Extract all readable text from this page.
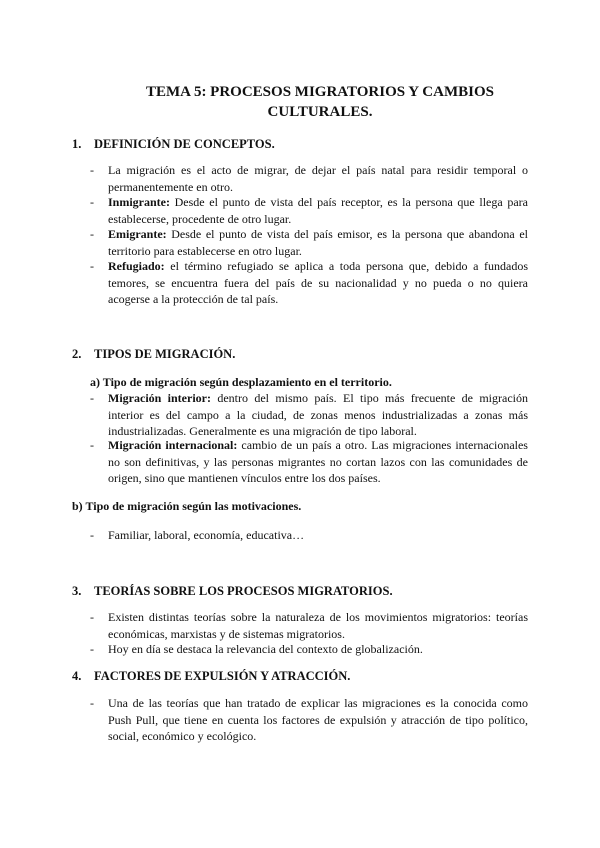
TEMA 5: PROCESOS MIGRATORIOS Y CAMBIOS
CULTURALES.
1. DEFINICIÓN DE CONCEPTOS.
- La migración es el acto de migrar, de dejar el país natal para residir temporal o permanentemente en otro.
- Inmigrante: Desde el punto de vista del país receptor, es la persona que llega para establecerse, procedente de otro lugar.
- Emigrante: Desde el punto de vista del país emisor, es la persona que abandona el territorio para establecerse en otro lugar.
- Refugiado: el término refugiado se aplica a toda persona que, debido a fundados temores, se encuentra fuera del país de su nacionalidad y no pueda o no quiera acogerse a la protección de tal país.
2. TIPOS DE MIGRACIÓN.
a) Tipo de migración según desplazamiento en el territorio.
- Migración interior: dentro del mismo país. El tipo más frecuente de migración interior es del campo a la ciudad, de zonas menos industrializadas a zonas más industrializadas. Generalmente es una migración de tipo laboral.
- Migración internacional: cambio de un país a otro. Las migraciones internacionales no son definitivas, y las personas migrantes no cortan lazos con las comunidades de origen, sino que mantienen vínculos entre los dos países.
b) Tipo de migración según las motivaciones.
- Familiar, laboral, economía, educativa…
3. TEORÍAS SOBRE LOS PROCESOS MIGRATORIOS.
- Existen distintas teorías sobre la naturaleza de los movimientos migratorios: teorías económicas, marxistas y de sistemas migratorios.
- Hoy en día se destaca la relevancia del contexto de globalización.
4. FACTORES DE EXPULSIÓN Y ATRACCIÓN.
- Una de las teorías que han tratado de explicar las migraciones es la conocida como Push Pull, que tiene en cuenta los factores de expulsión y atracción de tipo político, social, económico y ecológico.
